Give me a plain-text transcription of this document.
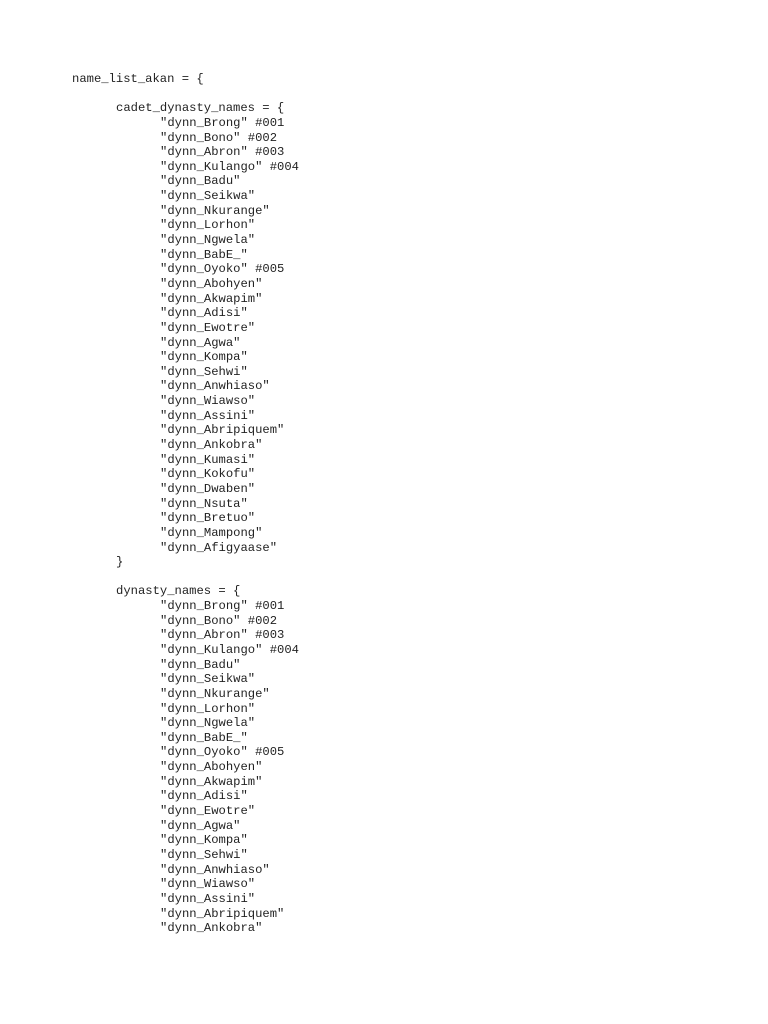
name_list_akan = {
cadet_dynasty_names = {
"dynn_Brong" #001
"dynn_Bono" #002
"dynn_Abron" #003
"dynn_Kulango" #004
"dynn_Badu"
"dynn_Seikwa"
"dynn_Nkurange"
"dynn_Lorhon"
"dynn_Ngwela"
"dynn_BabE_"
"dynn_Oyoko" #005
"dynn_Abohyen"
"dynn_Akwapim"
"dynn_Adisi"
"dynn_Ewotre"
"dynn_Agwa"
"dynn_Kompa"
"dynn_Sehwi"
"dynn_Anwhiaso"
"dynn_Wiawso"
"dynn_Assini"
"dynn_Abripiquem"
"dynn_Ankobra"
"dynn_Kumasi"
"dynn_Kokofu"
"dynn_Dwaben"
"dynn_Nsuta"
"dynn_Bretuo"
"dynn_Mampong"
"dynn_Afigyaase"
}
dynasty_names = {
"dynn_Brong" #001
"dynn_Bono" #002
"dynn_Abron" #003
"dynn_Kulango" #004
"dynn_Badu"
"dynn_Seikwa"
"dynn_Nkurange"
"dynn_Lorhon"
"dynn_Ngwela"
"dynn_BabE_"
"dynn_Oyoko" #005
"dynn_Abohyen"
"dynn_Akwapim"
"dynn_Adisi"
"dynn_Ewotre"
"dynn_Agwa"
"dynn_Kompa"
"dynn_Sehwi"
"dynn_Anwhiaso"
"dynn_Wiawso"
"dynn_Assini"
"dynn_Abripiquem"
"dynn_Ankobra"
